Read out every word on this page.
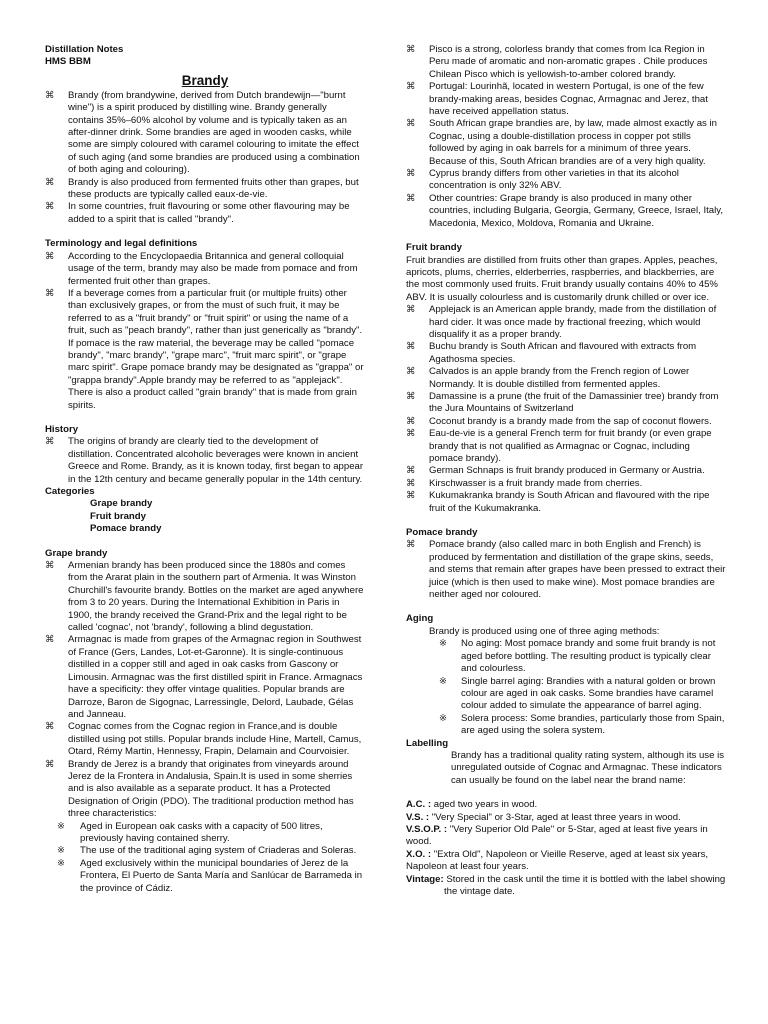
Distillation Notes
HMS BBM
Brandy
⌘ Brandy (from brandywine, derived from Dutch brandewijn—"burnt wine") is a spirit produced by distilling wine. Brandy generally contains 35%–60% alcohol by volume and is typically taken as an after-dinner drink. Some brandies are aged in wooden casks, while some are simply coloured with caramel colouring to imitate the effect of such aging (and some brandies are produced using a combination of both aging and colouring).
⌘ Brandy is also produced from fermented fruits other than grapes, but these products are typically called eaux-de-vie.
⌘ In some countries, fruit flavouring or some other flavouring may be added to a spirit that is called "brandy".
Terminology and legal definitions
⌘ According to the Encyclopaedia Britannica and general colloquial usage of the term, brandy may also be made from pomace and from fermented fruit other than grapes.
⌘ If a beverage comes from a particular fruit (or multiple fruits) other than exclusively grapes, or from the must of such fruit, it may be referred to as a "fruit brandy" or "fruit spirit" or using the name of a fruit, such as "peach brandy", rather than just generically as "brandy". If pomace is the raw material, the beverage may be called "pomace brandy", "marc brandy", "grape marc", "fruit marc spirit", or "grape marc spirit". Grape pomace brandy may be designated as "grappa" or "grappa brandy".Apple brandy may be referred to as "applejack". There is also a product called "grain brandy" that is made from grain spirits.
History
⌘ The origins of brandy are clearly tied to the development of distillation. Concentrated alcoholic beverages were known in ancient Greece and Rome. Brandy, as it is known today, first began to appear in the 12th century and became generally popular in the 14th century.
Categories
Grape brandy
Fruit brandy
Pomace brandy
Grape brandy
⌘ Armenian brandy has been produced since the 1880s and comes from the Ararat plain in the southern part of Armenia. It was Winston Churchill's favourite brandy. Bottles on the market are aged anywhere from 3 to 20 years. During the International Exhibition in Paris in 1900, the brandy received the Grand-Prix and the legal right to be called 'cognac', not 'brandy', following a blind degustation.
⌘ Armagnac is made from grapes of the Armagnac region in Southwest of France (Gers, Landes, Lot-et-Garonne). It is single-continuous distilled in a copper still and aged in oak casks from Gascony or Limousin. Armagnac was the first distilled spirit in France. Armagnacs have a specificity: they offer vintage qualities. Popular brands are Darroze, Baron de Sigognac, Larressingle, Delord, Laubade, Gélas and Janneau.
⌘ Cognac comes from the Cognac region in France,and is double distilled using pot stills. Popular brands include Hine, Martell, Camus, Otard, Rémy Martin, Hennessy, Frapin, Delamain and Courvoisier.
⌘ Brandy de Jerez is a brandy that originates from vineyards around Jerez de la Frontera in Andalusia, Spain.It is used in some sherries and is also available as a separate product. It has a Protected Designation of Origin (PDO). The traditional production method has three characteristics:
※ Aged in European oak casks with a capacity of 500 litres, previously having contained sherry.
※ The use of the traditional aging system of Criaderas and Soleras.
※ Aged exclusively within the municipal boundaries of Jerez de la Frontera, El Puerto de Santa María and Sanlúcar de Barrameda in the province of Cádiz.
⌘ Pisco is a strong, colorless brandy that comes from Ica Region in Peru made of aromatic and non-aromatic grapes . Chile produces Chilean Pisco which is yellowish-to-amber colored brandy.
⌘ Portugal: Lourinhã, located in western Portugal, is one of the few brandy-making areas, besides Cognac, Armagnac and Jerez, that have received appellation status.
⌘ South African grape brandies are, by law, made almost exactly as in Cognac, using a double-distillation process in copper pot stills followed by aging in oak barrels for a minimum of three years. Because of this, South African brandies are of a very high quality.
⌘ Cyprus brandy differs from other varieties in that its alcohol concentration is only 32% ABV.
⌘ Other countries: Grape brandy is also produced in many other countries, including Bulgaria, Georgia, Germany, Greece, Israel, Italy, Macedonia, Mexico, Moldova, Romania and Ukraine.
Fruit brandy

Fruit brandies are distilled from fruits other than grapes. Apples, peaches, apricots, plums, cherries, elderberries, raspberries, and blackberries, are the most commonly used fruits. Fruit brandy usually contains 40% to 45% ABV. It is usually colourless and is customarily drunk chilled or over ice.

⌘ Applejack is an American apple brandy, made from the distillation of hard cider. It was once made by fractional freezing, which would disqualify it as a proper brandy.
⌘ Buchu brandy is South African and flavoured with extracts from Agathosma species.
⌘ Calvados is an apple brandy from the French region of Lower Normandy. It is double distilled from fermented apples.
⌘ Damassine is a prune (the fruit of the Damassinier tree) brandy from the Jura Mountains of Switzerland
⌘ Coconut brandy is a brandy made from the sap of coconut flowers.
⌘ Eau-de-vie is a general French term for fruit brandy (or even grape brandy that is not qualified as Armagnac or Cognac, including pomace brandy).
⌘ German Schnaps is fruit brandy produced in Germany or Austria.
⌘ Kirschwasser is a fruit brandy made from cherries.
⌘ Kukumakranka brandy is South African and flavoured with the ripe fruit of the Kukumakranka.
Pomace brandy
⌘ Pomace brandy (also called marc in both English and French) is produced by fermentation and distillation of the grape skins, seeds, and stems that remain after grapes have been pressed to extract their juice (which is then used to make wine). Most pomace brandies are neither aged nor coloured.
Aging

Brandy is produced using one of three aging methods:

※ No aging: Most pomace brandy and some fruit brandy is not aged before bottling. The resulting product is typically clear and colourless.
※ Single barrel aging: Brandies with a natural golden or brown colour are aged in oak casks. Some brandies have caramel colour added to simulate the appearance of barrel aging.
※ Solera process: Some brandies, particularly those from Spain, are aged using the solera system.
Labelling

Brandy has a traditional quality rating system, although its use is unregulated outside of Cognac and Armagnac. These indicators can usually be found on the label near the brand name:

A.C. : aged two years in wood.
V.S. : "Very Special" or 3-Star, aged at least three years in wood.
V.S.O.P. : "Very Superior Old Pale" or 5-Star, aged at least five years in wood.
X.O. : "Extra Old", Napoleon or Vieille Reserve, aged at least six years, Napoleon at least four years.
Vintage: Stored in the cask until the time it is bottled with the label showing the vintage date.
